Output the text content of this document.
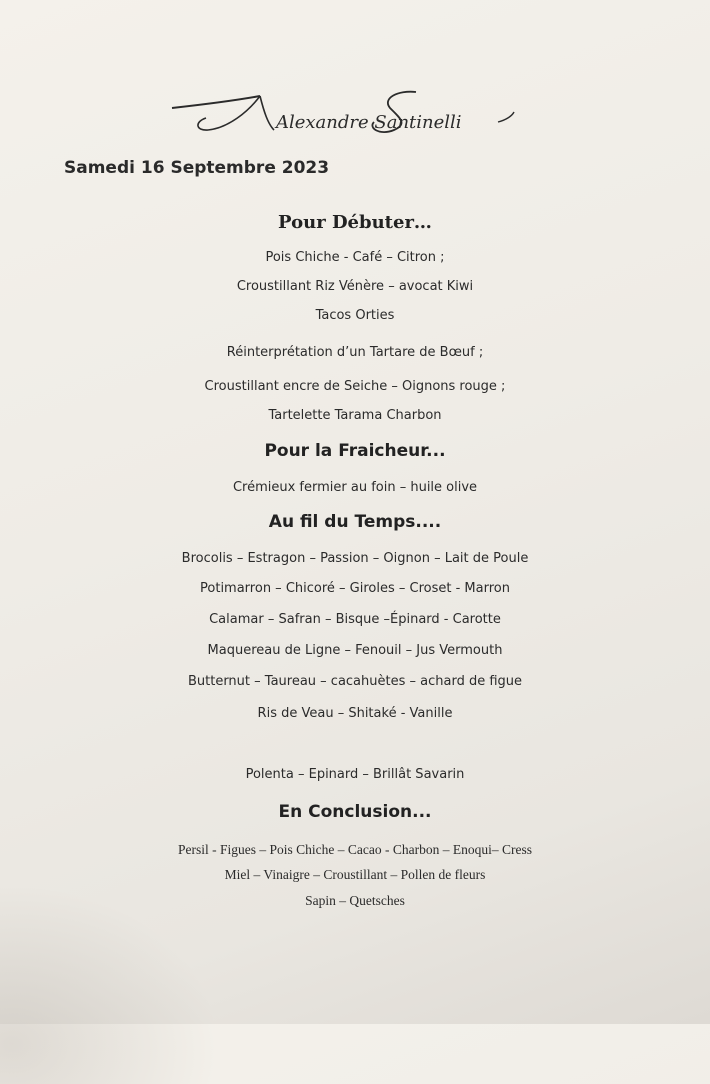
Alexandre Santinelli
Samedi 16 Septembre 2023
Pour Débuter…
Pois Chiche - Café – Citron ;
Croustillant Riz Vénère – avocat Kiwi
Tacos Orties
Réinterprétation d’un Tartare de Bœuf ;
Croustillant encre de Seiche – Oignons rouge ;
Tartelette Tarama Charbon
Pour la Fraicheur...
Crémieux fermier au foin – huile olive
Au fil du Temps....
Brocolis – Estragon – Passion – Oignon – Lait de Poule
Potimarron – Chicoré – Giroles – Croset - Marron
Calamar – Safran – Bisque –Épinard - Carotte
Maquereau de Ligne – Fenouil – Jus Vermouth
Butternut – Taureau – cacahuètes – achard de figue
Ris de Veau – Shitaké - Vanille
Polenta – Epinard – Brillât Savarin
En Conclusion...
Persil - Figues – Pois Chiche – Cacao - Charbon – Enoqui– Cress
Miel – Vinaigre – Croustillant – Pollen de fleurs
Sapin – Quetsches
